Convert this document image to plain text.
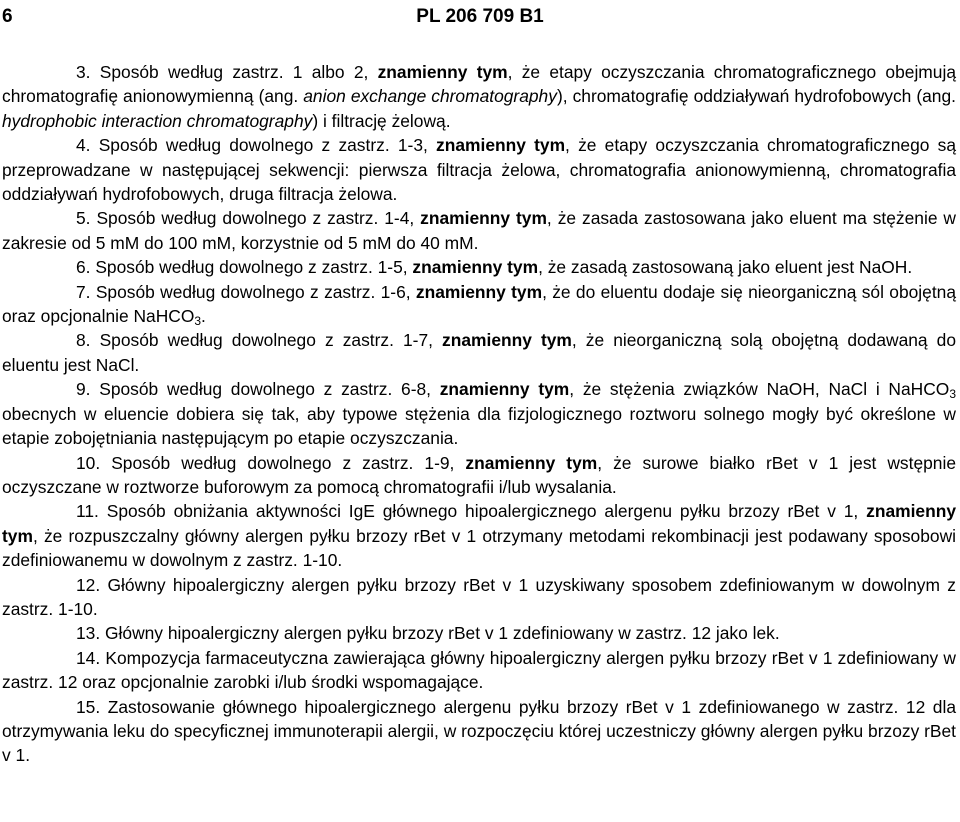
6	PL 206 709 B1

3. Sposób według zastrz. 1 albo 2, znamienny tym, że etapy oczyszczania chromatograficznego obejmują chromatografię anionowymienną (ang. anion exchange chromatography), chromatografię oddziaływań hydrofobowych (ang. hydrophobic interaction chromatography) i filtrację żelową.

4. Sposób według dowolnego z zastrz. 1-3, znamienny tym, że etapy oczyszczania chromatograficznego są przeprowadzane w następującej sekwencji: pierwsza filtracja żelowa, chromatografia anionowymienną, chromatografia oddziaływań hydrofobowych, druga filtracja żelowa.

5. Sposób według dowolnego z zastrz. 1-4, znamienny tym, że zasada zastosowana jako eluent ma stężenie w zakresie od 5 mM do 100 mM, korzystnie od 5 mM do 40 mM.

6. Sposób według dowolnego z zastrz. 1-5, znamienny tym, że zasadą zastosowaną jako eluent jest NaOH.

7. Sposób według dowolnego z zastrz. 1-6, znamienny tym, że do eluentu dodaje się nieorganiczną sól obojętną oraz opcjonalnie NaHCO$_3$.

8. Sposób według dowolnego z zastrz. 1-7, znamienny tym, że nieorganiczną solą obojętną dodawaną do eluentu jest NaCl.

9. Sposób według dowolnego z zastrz. 6-8, znamienny tym, że stężenia związków NaOH, NaCl i NaHCO$_3$ obecnych w eluencie dobiera się tak, aby typowe stężenia dla fizjologicznego roztworu solnego mogły być określone w etapie zobojętniania następującym po etapie oczyszczania.

10. Sposób według dowolnego z zastrz. 1-9, znamienny tym, że surowe białko rBet v 1 jest wstępnie oczyszczane w roztworze buforowym za pomocą chromatografii i/lub wysalania.

11. Sposób obniżania aktywności IgE głównego hipoalergicznego alergenu pyłku brzozy rBet v 1, znamienny tym, że rozpuszczalny główny alergen pyłku brzozy rBet v 1 otrzymany metodami rekombinacji jest podawany sposobowi zdefiniowanemu w dowolnym z zastrz. 1-10.

12. Główny hipoalergiczny alergen pyłku brzozy rBet v 1 uzyskiwany sposobem zdefiniowanym w dowolnym z zastrz. 1-10.

13. Główny hipoalergiczny alergen pyłku brzozy rBet v 1 zdefiniowany w zastrz. 12 jako lek.

14. Kompozycja farmaceutyczna zawierająca główny hipoalergiczny alergen pyłku brzozy rBet v 1 zdefiniowany w zastrz. 12 oraz opcjonalnie zarobki i/lub środki wspomagające.

15. Zastosowanie głównego hipoalergicznego alergenu pyłku brzozy rBet v 1 zdefiniowanego w zastrz. 12 dla otrzymywania leku do specyficznej immunoterapii alergii, w rozpoczęciu której uczestniczy główny alergen pyłku brzozy rBet v 1.
